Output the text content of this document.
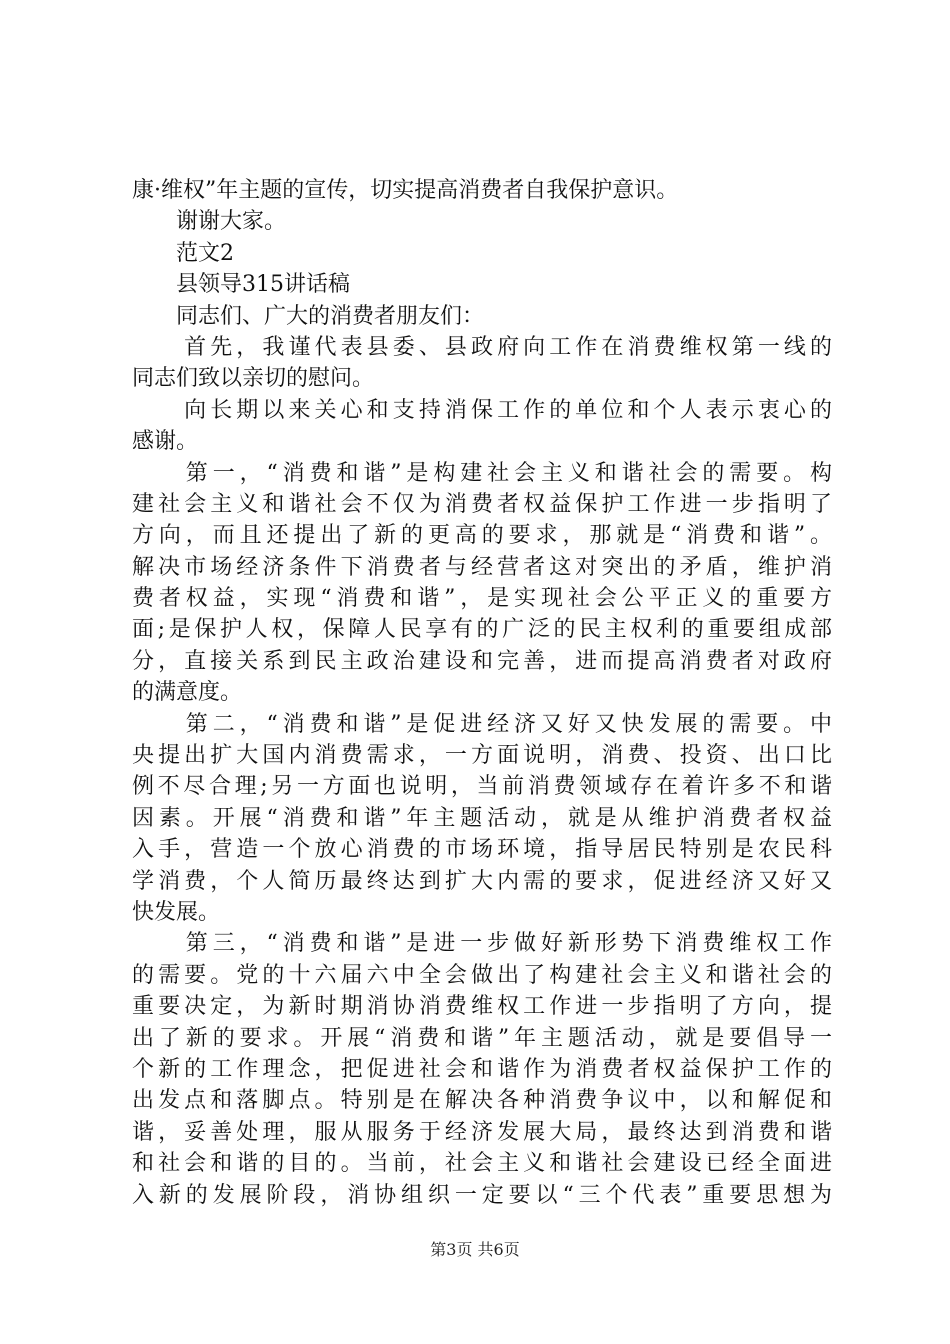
康·维权”年主题的宣传，切实提高消费者自我保护意识。
　　谢谢大家。
　　范文2
　　县领导315讲话稿
　　同志们、广大的消费者朋友们：
　　首先，我谨代表县委、县政府向工作在消费维权第一线的
同志们致以亲切的慰问。
　　向长期以来关心和支持消保工作的单位和个人表示衷心的
感谢。
　　第一，“消费和谐”是构建社会主义和谐社会的需要。构
建社会主义和谐社会不仅为消费者权益保护工作进一步指明了
方向，而且还提出了新的更高的要求，那就是“消费和谐”。
解决市场经济条件下消费者与经营者这对突出的矛盾，维护消
费者权益，实现“消费和谐”，是实现社会公平正义的重要方
面;是保护人权，保障人民享有的广泛的民主权利的重要组成部
分，直接关系到民主政治建设和完善，进而提高消费者对政府
的满意度。
　　第二，“消费和谐”是促进经济又好又快发展的需要。中
央提出扩大国内消费需求，一方面说明，消费、投资、出口比
例不尽合理;另一方面也说明，当前消费领域存在着许多不和谐
因素。开展“消费和谐”年主题活动，就是从维护消费者权益
入手，营造一个放心消费的市场环境，指导居民特别是农民科
学消费，个人简历最终达到扩大内需的要求，促进经济又好又
快发展。
　　第三，“消费和谐”是进一步做好新形势下消费维权工作
的需要。党的十六届六中全会做出了构建社会主义和谐社会的
重要决定，为新时期消协消费维权工作进一步指明了方向，提
出了新的要求。开展“消费和谐”年主题活动，就是要倡导一
个新的工作理念，把促进社会和谐作为消费者权益保护工作的
出发点和落脚点。特别是在解决各种消费争议中，以和解促和
谐，妥善处理，服从服务于经济发展大局，最终达到消费和谐
和社会和谐的目的。当前，社会主义和谐社会建设已经全面进
入新的发展阶段，消协组织一定要以“三个代表”重要思想为
第3页 共6页
